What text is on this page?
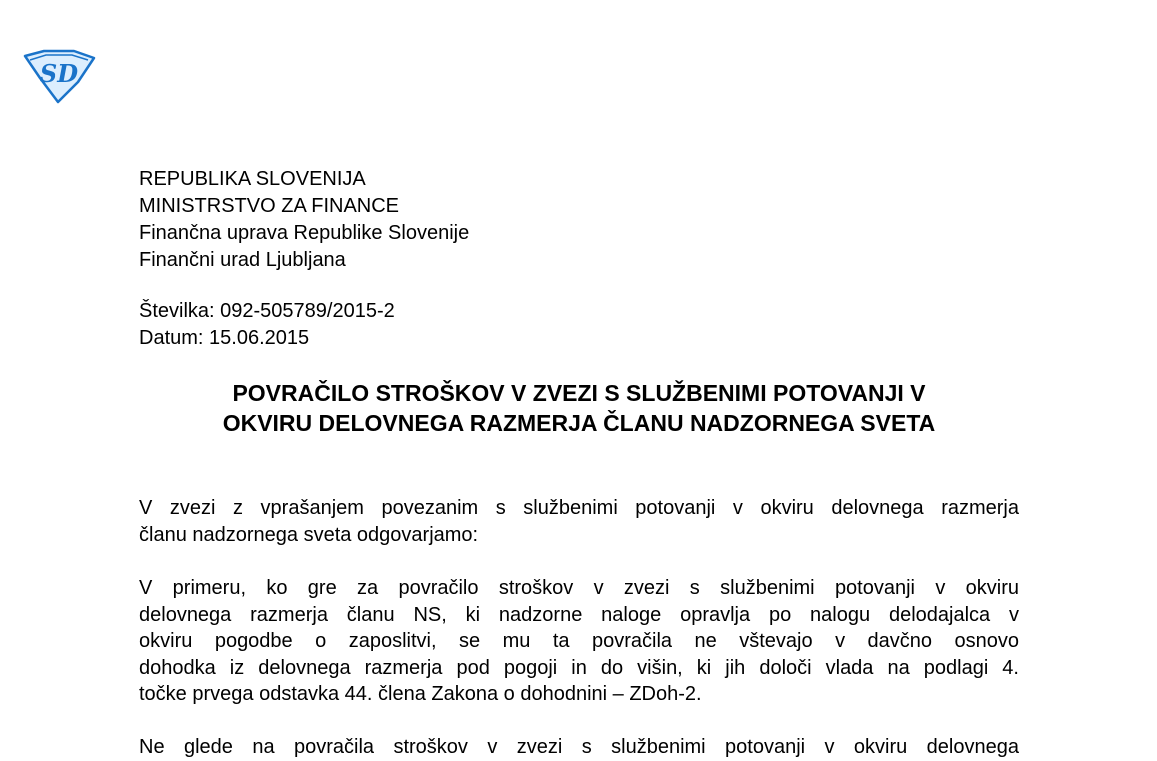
SD
REPUBLIKA SLOVENIJA
MINISTRSTVO ZA FINANCE
Finančna uprava Republike Slovenije
Finančni urad Ljubljana
Številka: 092-505789/2015-2
Datum: 15.06.2015
POVRAČILO STROŠKOV V ZVEZI S SLUŽBENIMI POTOVANJI V
OKVIRU DELOVNEGA RAZMERJA ČLANU NADZORNEGA SVETA
V zvezi z vprašanjem povezanim s službenimi potovanji v okviru delovnega razmerja
članu nadzornega sveta odgovarjamo:
V primeru, ko gre za povračilo stroškov v zvezi s službenimi potovanji v okviru
delovnega razmerja članu NS, ki nadzorne naloge opravlja po nalogu delodajalca v
okviru pogodbe o zaposlitvi, se mu ta povračila ne vštevajo v davčno osnovo
dohodka iz delovnega razmerja pod pogoji in do višin, ki jih določi vlada na podlagi 4.
točke prvega odstavka 44. člena Zakona o dohodnini – ZDoh-2.
Ne glede na povračila stroškov v zvezi s službenimi potovanji v okviru delovnega
